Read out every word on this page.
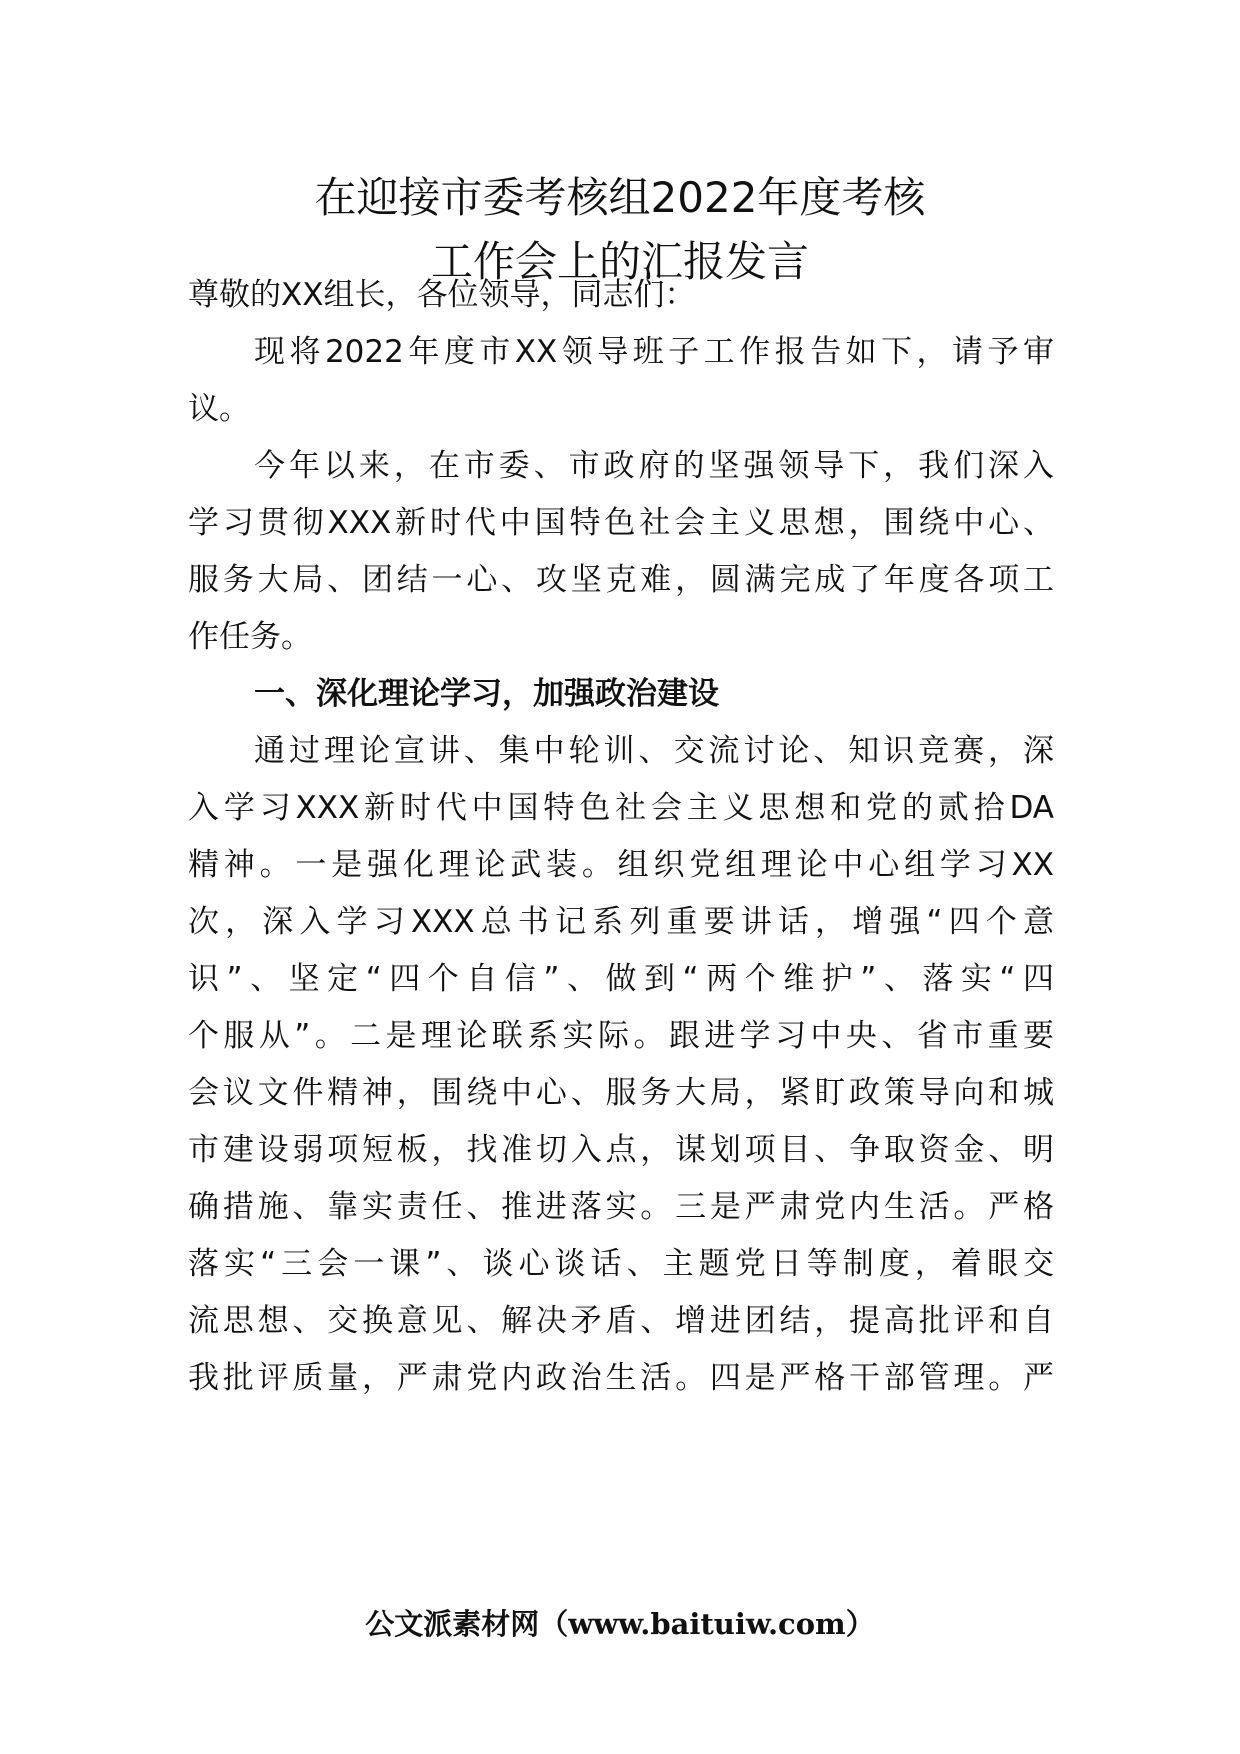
在迎接市委考核组2022年度考核
工作会上的汇报发言

尊敬的XX组长，各位领导，同志们：

现将2022年度市XX领导班子工作报告如下，请予审

议。

今年以来，在市委、市政府的坚强领导下，我们深入

学习贯彻XXX新时代中国特色社会主义思想，围绕中心、

服务大局、团结一心、攻坚克难，圆满完成了年度各项工

作任务。

一、深化理论学习，加强政治建设

通过理论宣讲、集中轮训、交流讨论、知识竞赛，深

入学习XXX新时代中国特色社会主义思想和党的贰拾DA

精神。一是强化理论武装。组织党组理论中心组学习XX

次，深入学习XXX总书记系列重要讲话，增强“四个意

识”、坚定“四个自信”、做到“两个维护”、落实“四

个服从”。二是理论联系实际。跟进学习中央、省市重要

会议文件精神，围绕中心、服务大局，紧盯政策导向和城

市建设弱项短板，找准切入点，谋划项目、争取资金、明

确措施、靠实责任、推进落实。三是严肃党内生活。严格

落实“三会一课”、谈心谈话、主题党日等制度，着眼交

流思想、交换意见、解决矛盾、增进团结，提高批评和自

我批评质量，严肃党内政治生活。四是严格干部管理。严

公文派素材网（www.baituiw.com）
